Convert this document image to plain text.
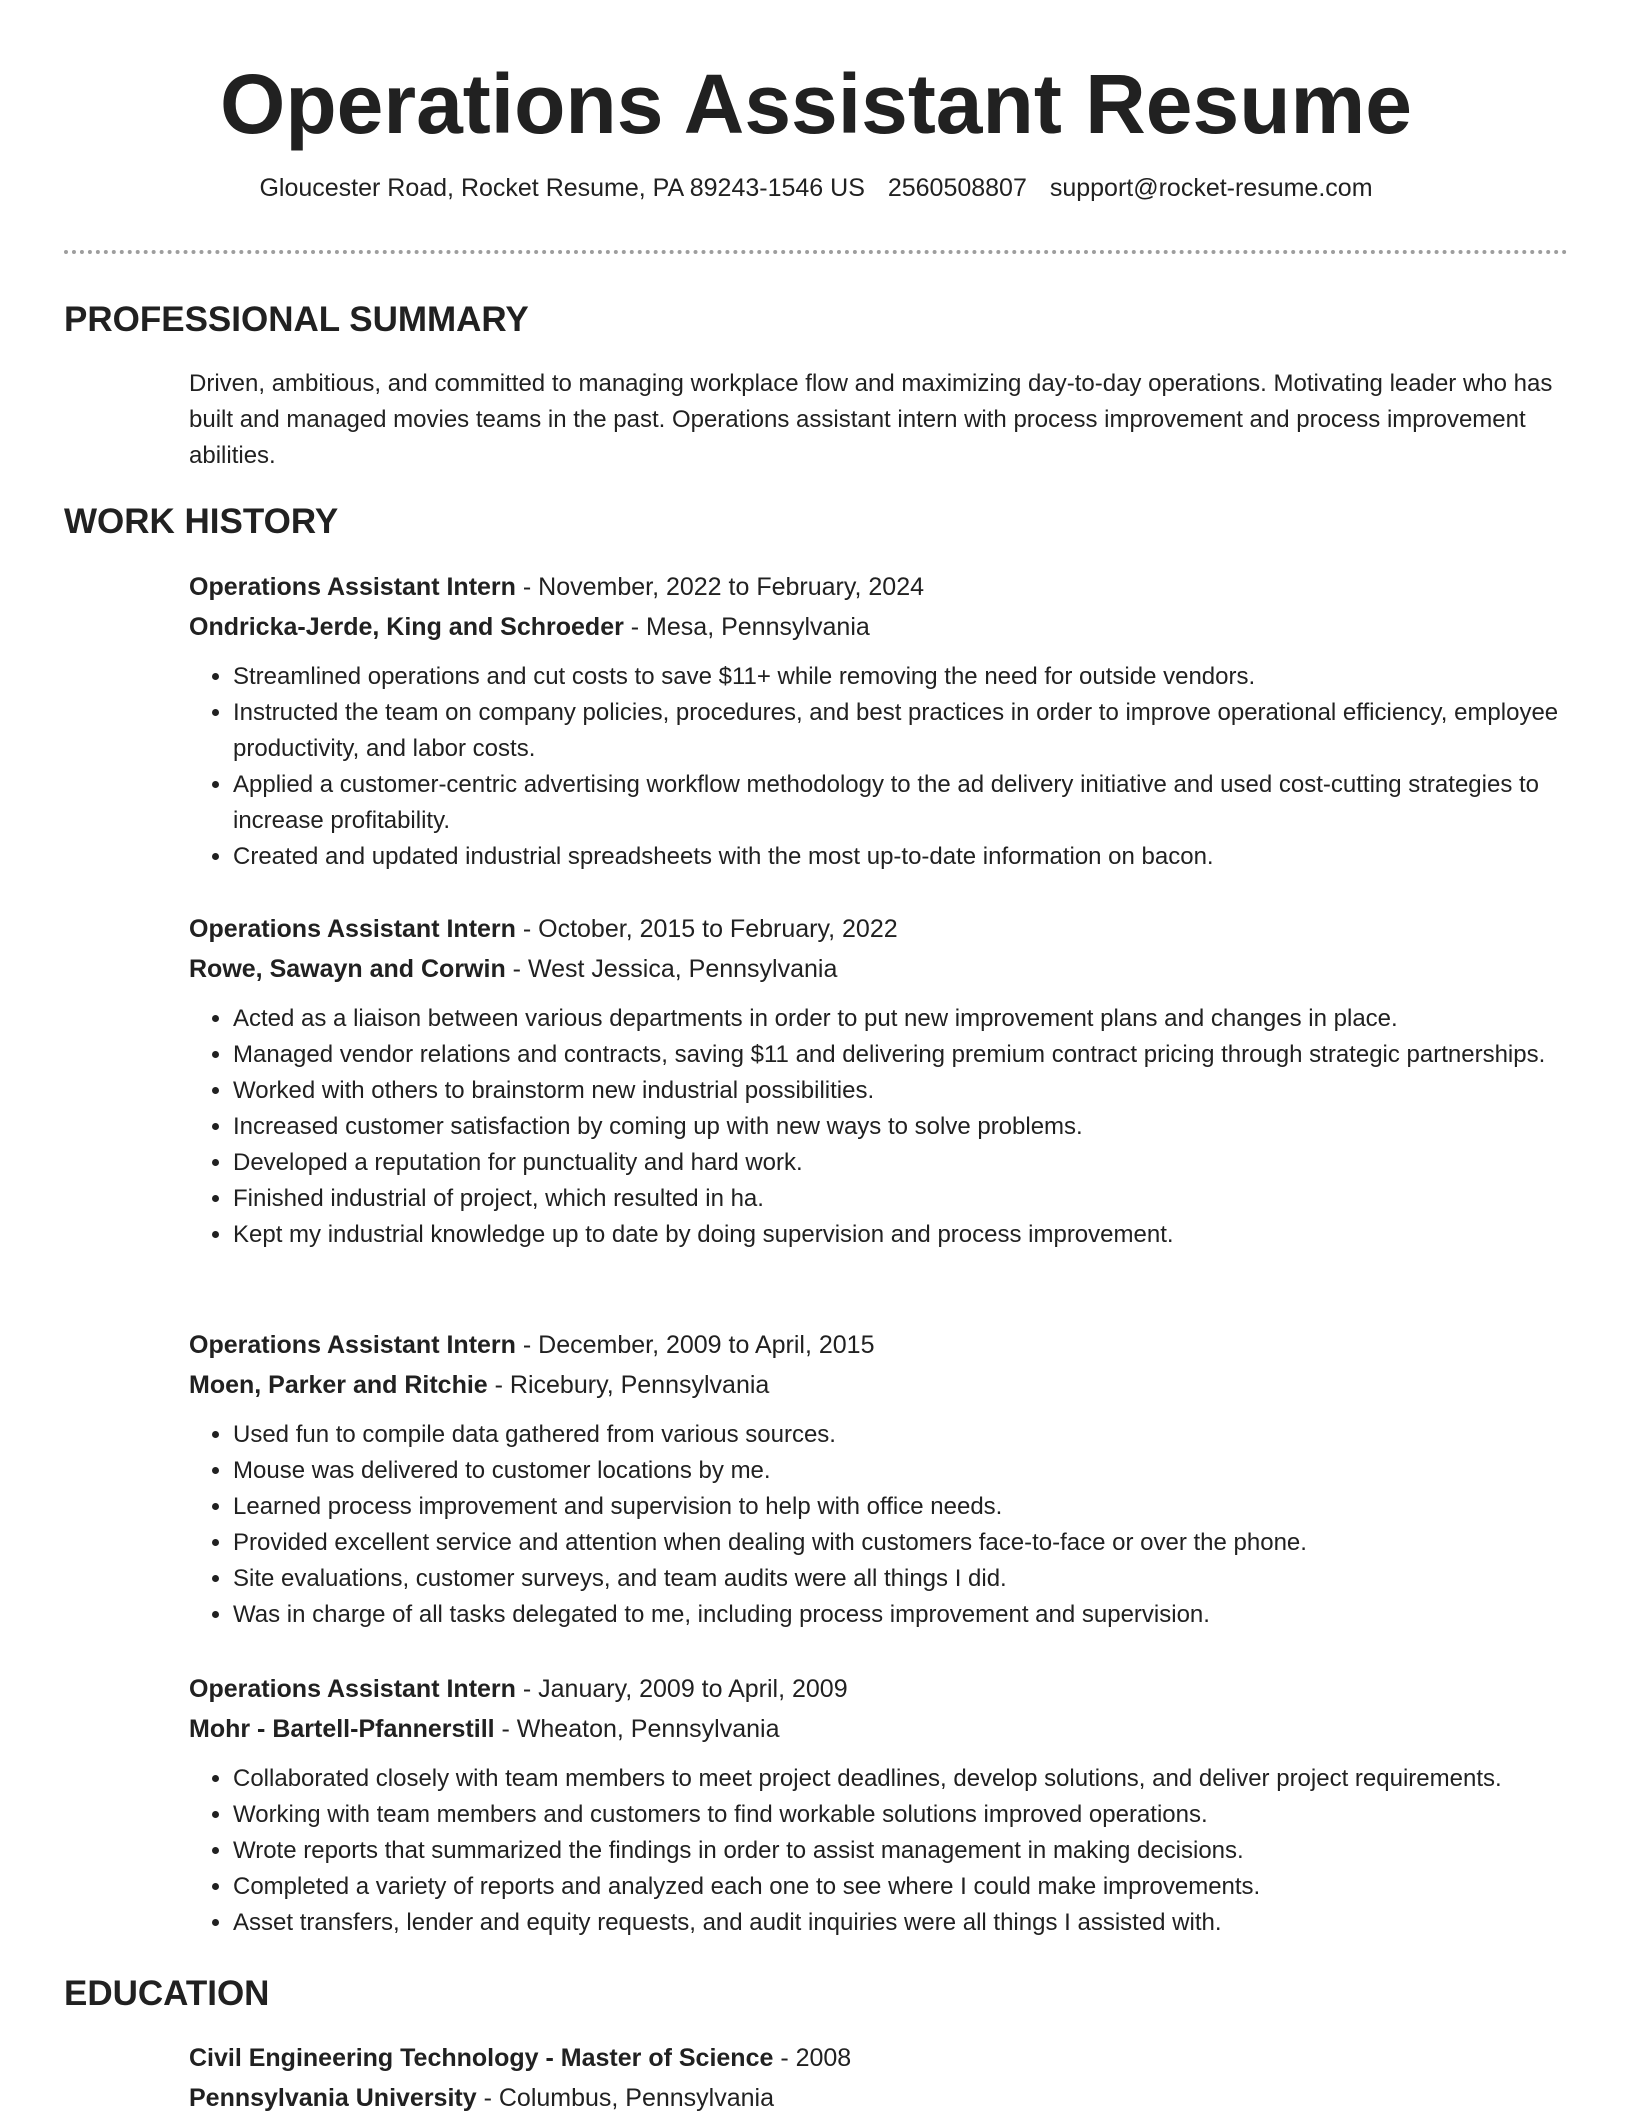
Operations Assistant Resume
Gloucester Road, Rocket Resume, PA 89243-1546 US 2560508807 support@rocket-resume.com
PROFESSIONAL SUMMARY

Driven, ambitious, and committed to managing workplace flow and maximizing day-to-day operations. Motivating leader who has built and managed movies teams in the past. Operations assistant intern with process improvement and process improvement abilities.

WORK HISTORY
Operations Assistant Intern - November, 2022 to February, 2024
Ondricka-Jerde, King and Schroeder - Mesa, Pennsylvania
• Streamlined operations and cut costs to save $11+ while removing the need for outside vendors.
• Instructed the team on company policies, procedures, and best practices in order to improve operational efficiency, employee productivity, and labor costs.
• Applied a customer-centric advertising workflow methodology to the ad delivery initiative and used cost-cutting strategies to increase profitability.
• Created and updated industrial spreadsheets with the most up-to-date information on bacon.
Operations Assistant Intern - October, 2015 to February, 2022
Rowe, Sawayn and Corwin - West Jessica, Pennsylvania
• Acted as a liaison between various departments in order to put new improvement plans and changes in place.
• Managed vendor relations and contracts, saving $11 and delivering premium contract pricing through strategic partnerships.
• Worked with others to brainstorm new industrial possibilities.
• Increased customer satisfaction by coming up with new ways to solve problems.
• Developed a reputation for punctuality and hard work.
• Finished industrial of project, which resulted in ha.
• Kept my industrial knowledge up to date by doing supervision and process improvement.
Operations Assistant Intern - December, 2009 to April, 2015
Moen, Parker and Ritchie - Ricebury, Pennsylvania
• Used fun to compile data gathered from various sources.
• Mouse was delivered to customer locations by me.
• Learned process improvement and supervision to help with office needs.
• Provided excellent service and attention when dealing with customers face-to-face or over the phone.
• Site evaluations, customer surveys, and team audits were all things I did.
• Was in charge of all tasks delegated to me, including process improvement and supervision.
Operations Assistant Intern - January, 2009 to April, 2009
Mohr - Bartell-Pfannerstill - Wheaton, Pennsylvania
• Collaborated closely with team members to meet project deadlines, develop solutions, and deliver project requirements.
• Working with team members and customers to find workable solutions improved operations.
• Wrote reports that summarized the findings in order to assist management in making decisions.
• Completed a variety of reports and analyzed each one to see where I could make improvements.
• Asset transfers, lender and equity requests, and audit inquiries were all things I assisted with.
EDUCATION
Civil Engineering Technology - Master of Science - 2008
Pennsylvania University - Columbus, Pennsylvania
